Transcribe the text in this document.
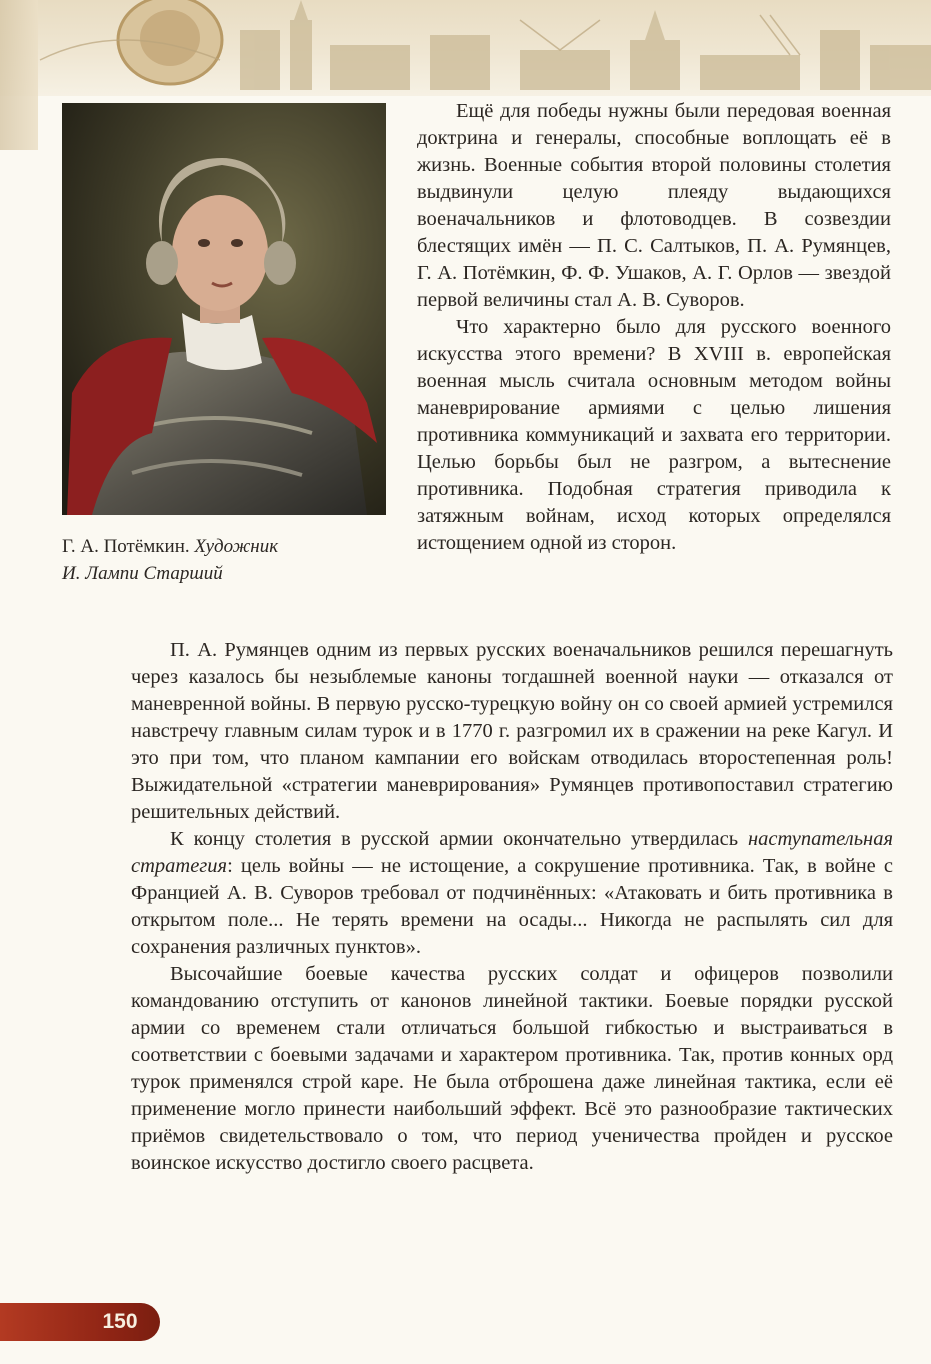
Г. А. Потёмкин. Художник
И. Лампи Старший

Ещё для победы нужны были передовая военная доктрина и генералы, способные воплощать её в жизнь. Военные события второй половины столетия выдвинули целую плеяду выдающихся военачальников и флотоводцев. В созвездии блестящих имён — П. С. Салтыков, П. А. Румянцев, Г. А. Потёмкин, Ф. Ф. Ушаков, А. Г. Орлов — звездой первой величины стал А. В. Суворов.

Что характерно было для русского военного искусства этого времени? В XVIII в. европейская военная мысль считала основным методом войны маневрирование армиями с целью лишения противника коммуникаций и захвата его территории. Целью борьбы был не разгром, а вытеснение противника. Подобная стратегия приводила к затяжным войнам, исход которых определялся истощением одной из сторон.

П. А. Румянцев одним из первых русских военачальников решился перешагнуть через казалось бы незыблемые каноны тогдашней военной науки — отказался от маневренной войны. В первую русско-турецкую войну он со своей армией устремился навстречу главным силам турок и в 1770 г. разгромил их в сражении на реке Кагул. И это при том, что планом кампании его войскам отводилась второстепенная роль! Выжидательной «стратегии маневрирования» Румянцев противопоставил стратегию решительных действий.

К концу столетия в русской армии окончательно утвердилась наступательная стратегия: цель войны — не истощение, а сокрушение противника. Так, в войне с Францией А. В. Суворов требовал от подчинённых: «Атаковать и бить противника в открытом поле... Не терять времени на осады... Никогда не распылять сил для сохранения различных пунктов».

Высочайшие боевые качества русских солдат и офицеров позволили командованию отступить от канонов линейной тактики. Боевые порядки русской армии со временем стали отличаться большой гибкостью и выстраиваться в соответствии с боевыми задачами и характером противника. Так, против конных орд турок применялся строй каре. Не была отброшена даже линейная тактика, если её применение могло принести наибольший эффект. Всё это разнообразие тактических приёмов свидетельствовало о том, что период ученичества пройден и русское воинское искусство достигло своего расцвета.

150
